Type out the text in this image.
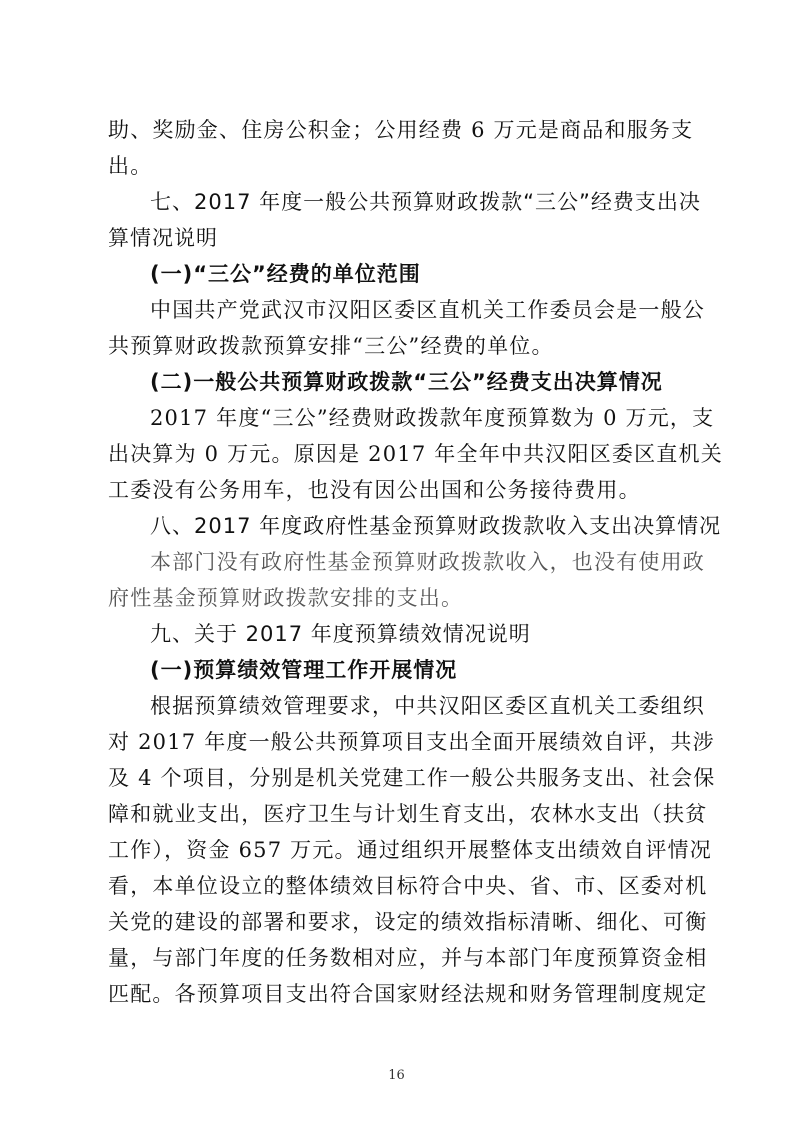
助、奖励金、住房公积金；公用经费 6 万元是商品和服务支
出。
七、2017 年度一般公共预算财政拨款“三公”经费支出决
算情况说明
(一)“三公”经费的单位范围
中国共产党武汉市汉阳区委区直机关工作委员会是一般公
共预算财政拨款预算安排“三公”经费的单位。
(二)一般公共预算财政拨款“三公”经费支出决算情况
2017 年度“三公”经费财政拨款年度预算数为 0 万元，支
出决算为 0 万元。原因是 2017 年全年中共汉阳区委区直机关
工委没有公务用车，也没有因公出国和公务接待费用。
八、2017 年度政府性基金预算财政拨款收入支出决算情况
本部门没有政府性基金预算财政拨款收入，也没有使用政
府性基金预算财政拨款安排的支出。
九、关于 2017 年度预算绩效情况说明
(一)预算绩效管理工作开展情况
根据预算绩效管理要求，中共汉阳区委区直机关工委组织
对 2017 年度一般公共预算项目支出全面开展绩效自评，共涉
及 4 个项目，分别是机关党建工作一般公共服务支出、社会保
障和就业支出，医疗卫生与计划生育支出，农林水支出（扶贫
工作），资金 657 万元。通过组织开展整体支出绩效自评情况
看，本单位设立的整体绩效目标符合中央、省、市、区委对机
关党的建设的部署和要求，设定的绩效指标清晰、细化、可衡
量，与部门年度的任务数相对应，并与本部门年度预算资金相
匹配。各预算项目支出符合国家财经法规和财务管理制度规定
16
